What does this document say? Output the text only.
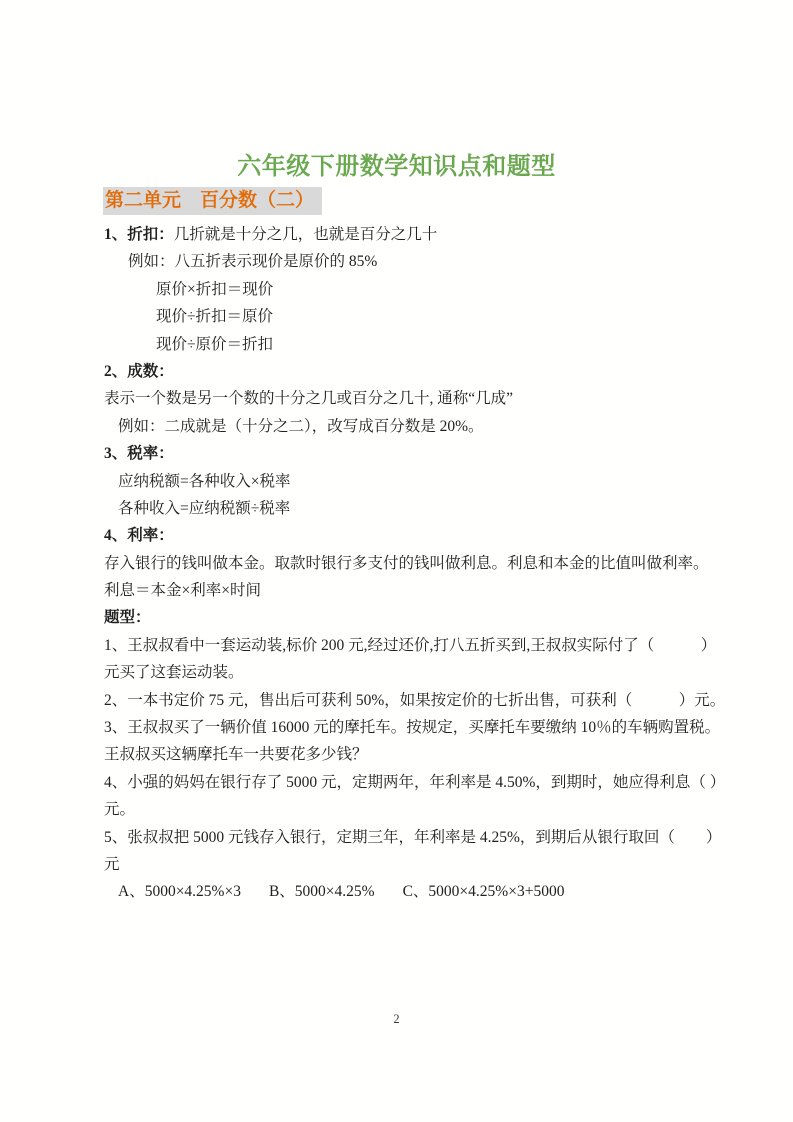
六年级下册数学知识点和题型
第二单元　百分数（二）
1、折扣：几折就是十分之几，也就是百分之几十
例如：八五折表示现价是原价的 85%
原价×折扣＝现价
现价÷折扣＝原价
现价÷原价＝折扣
2、成数：
表示一个数是另一个数的十分之几或百分之几十, 通称“几成”
例如：二成就是（十分之二），改写成百分数是 20%。
3、税率：
应纳税额=各种收入×税率
各种收入=应纳税额÷税率
4、利率：
存入银行的钱叫做本金。取款时银行多支付的钱叫做利息。利息和本金的比值叫做利率。
利息＝本金×利率×时间
题型：
1、王叔叔看中一套运动装,标价 200 元,经过还价,打八五折买到,王叔叔实际付了（　　　）
元买了这套运动装。
2、一本书定价 75 元，售出后可获利 50%，如果按定价的七折出售，可获利（　　　）元。
3、王叔叔买了一辆价值 16000 元的摩托车。按规定，买摩托车要缴纳 10％的车辆购置税。
王叔叔买这辆摩托车一共要花多少钱？
4、小强的妈妈在银行存了 5000 元，定期两年，年利率是 4.50%，到期时，她应得利息（ ）
元。
5、张叔叔把 5000 元钱存入银行，定期三年，年利率是 4.25%，到期后从银行取回（　　）
元
A、5000×4.25%×3 B、5000×4.25% C、5000×4.25%×3+5000
2
